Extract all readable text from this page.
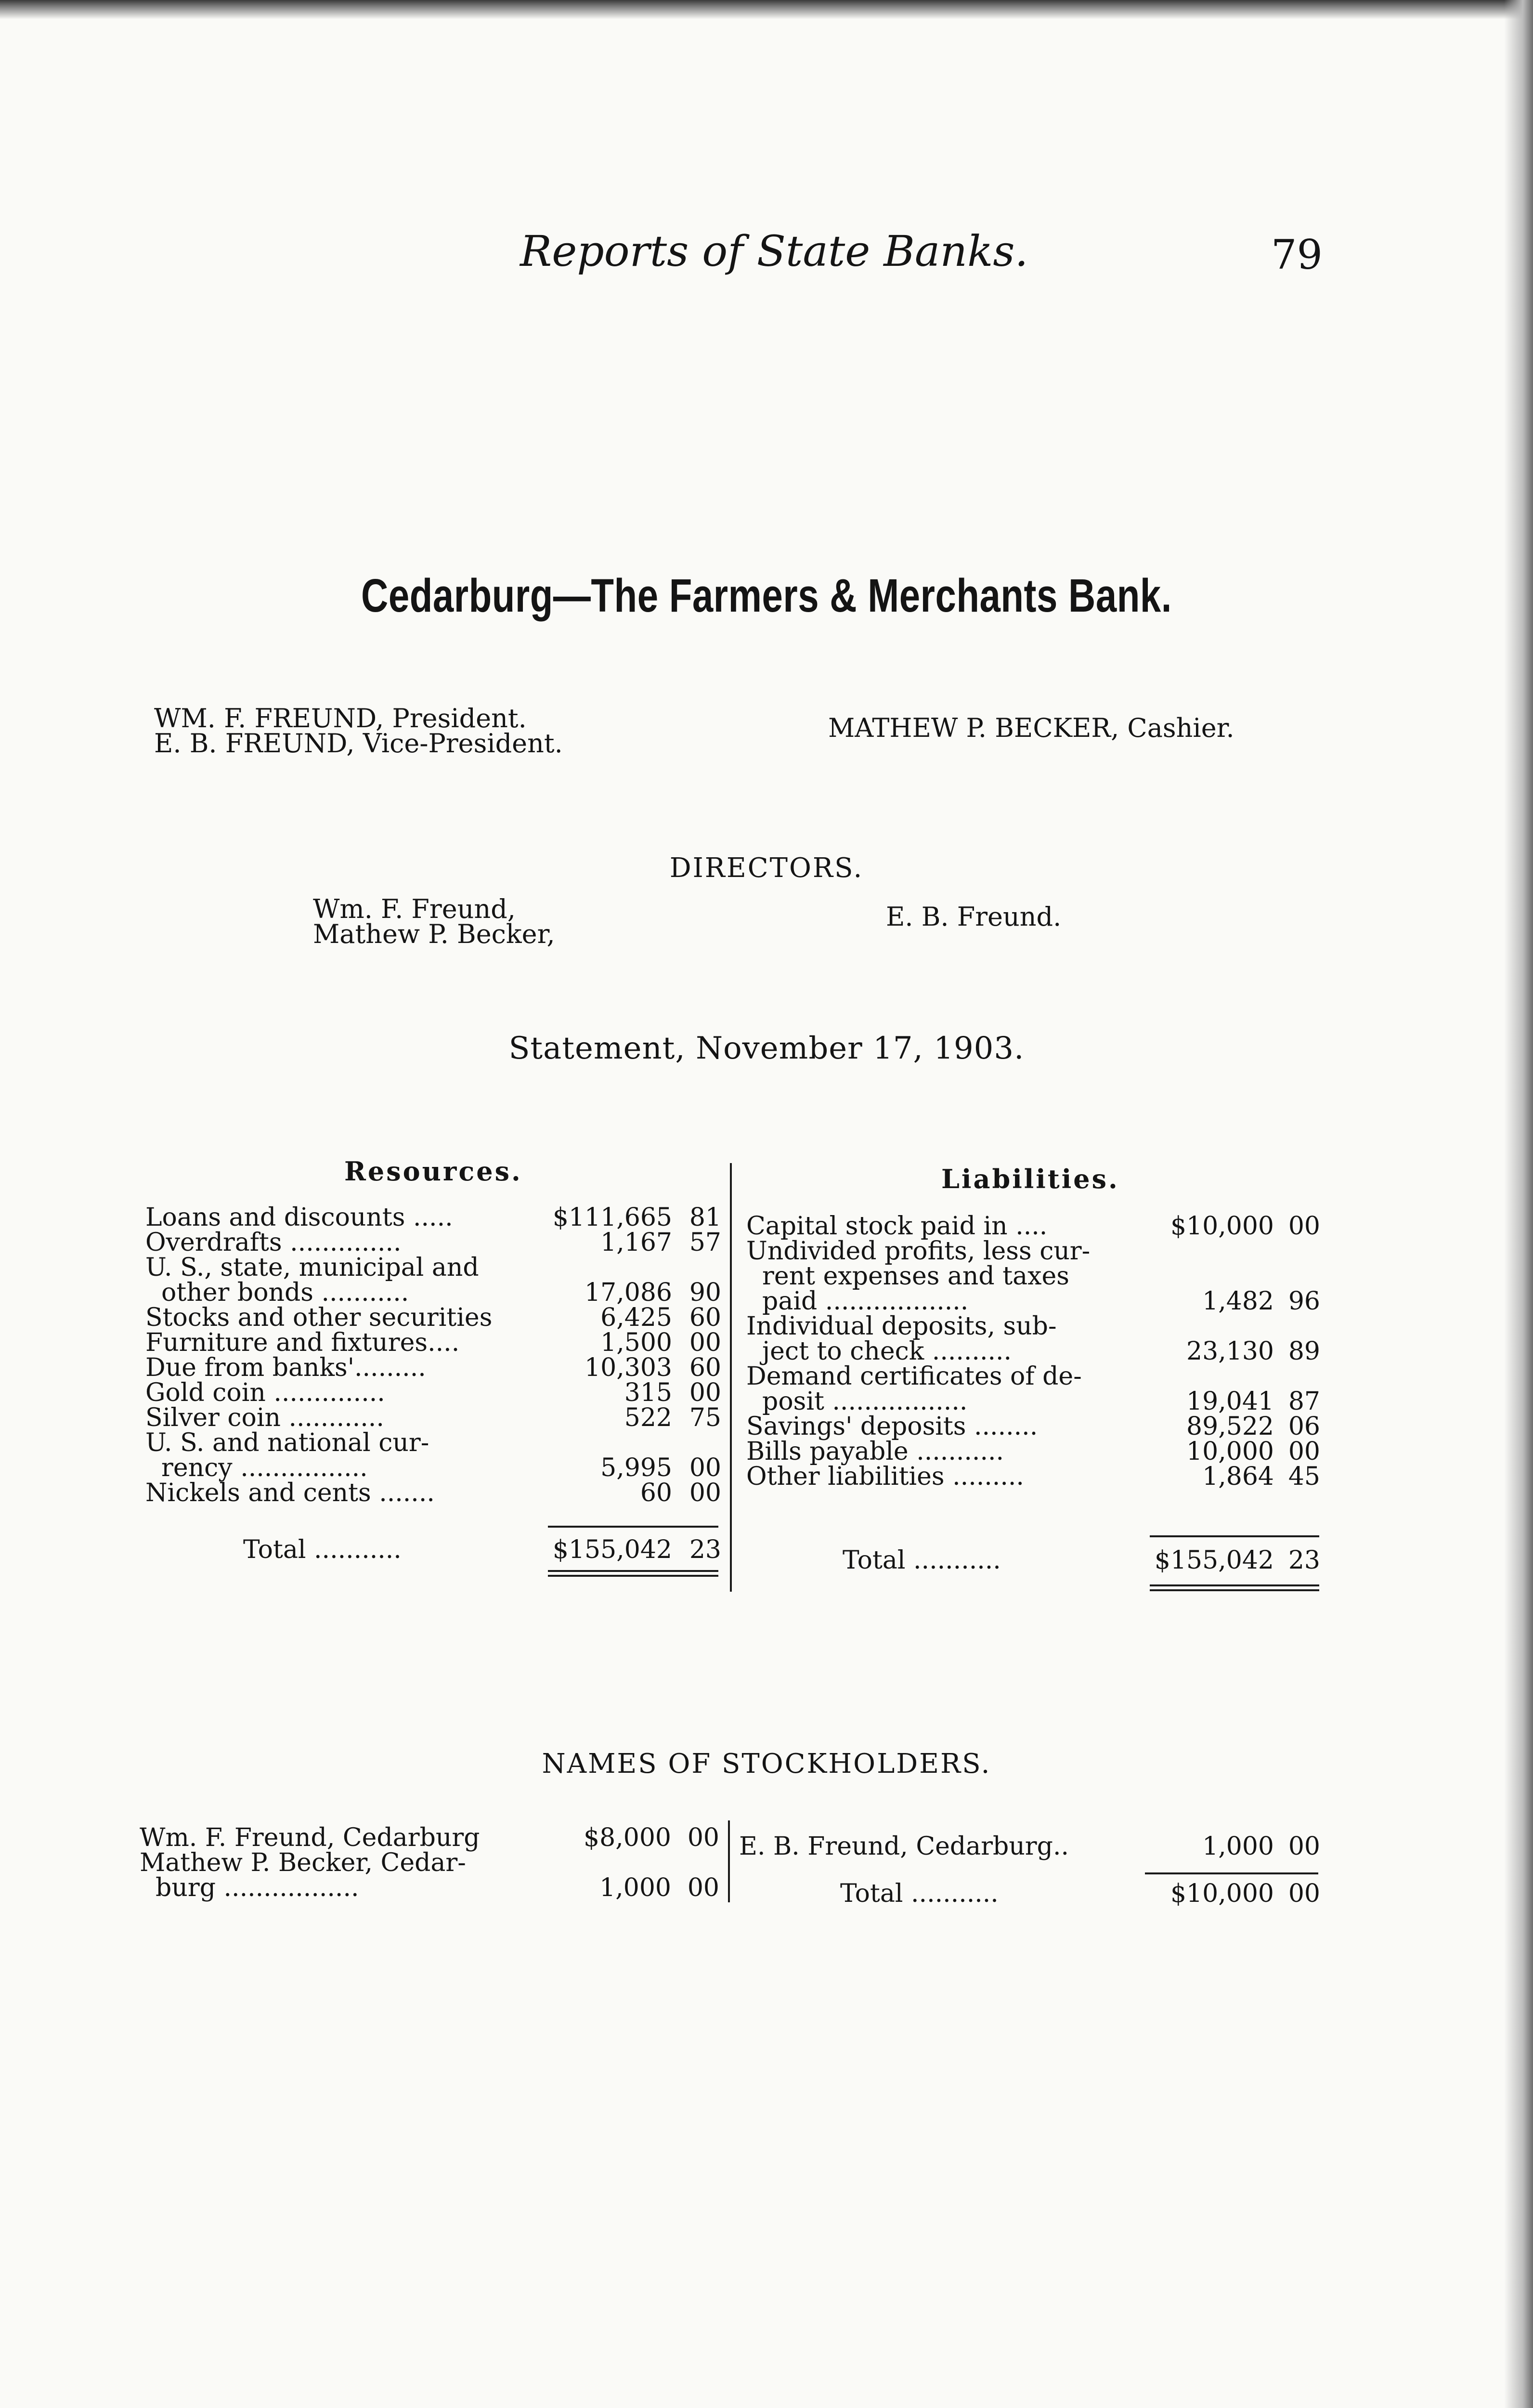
Reports of State Banks.	79
Cedarburg—The Farmers & Merchants Bank.
WM. F. FREUND, President.
E. B. FREUND, Vice-President.
MATHEW P. BECKER, Cashier.
DIRECTORS.
Wm. F. Freund,
Mathew P. Becker,
E. B. Freund.
Statement, November 17, 1903.
Resources.	Liabilities.
Loans and discounts .....	$111,665 81
Overdrafts ..............	1,167 57
U. S., state, municipal and
other bonds ...........	17,086 90
Stocks and other securities	6,425 60
Furniture and fixtures....	1,500 00
Due from banks'.........	10,303 60
Gold coin ..............	315 00
Silver coin ............	522 75
U. S. and national cur-
rency ................	5,995 00
Nickels and cents .......	60 00
Capital stock paid in ....	$10,000 00
Undivided profits, less cur-
rent expenses and taxes
paid ..................	1,482 96
Individual deposits, sub-
ject to check ..........	23,130 89
Demand certificates of de-
posit .................	19,041 87
Savings' deposits ........	89,522 06
Bills payable ...........	10,000 00
Other liabilities .........	1,864 45
Total ...........	$155,042 23	Total ...........	$155,042 23
NAMES OF STOCKHOLDERS.
Wm. F. Freund, Cedarburg	$8,000 00
Mathew P. Becker, Cedar-
burg .................	1,000 00
E. B. Freund, Cedarburg..	1,000 00
Total ...........	$10,000 00
